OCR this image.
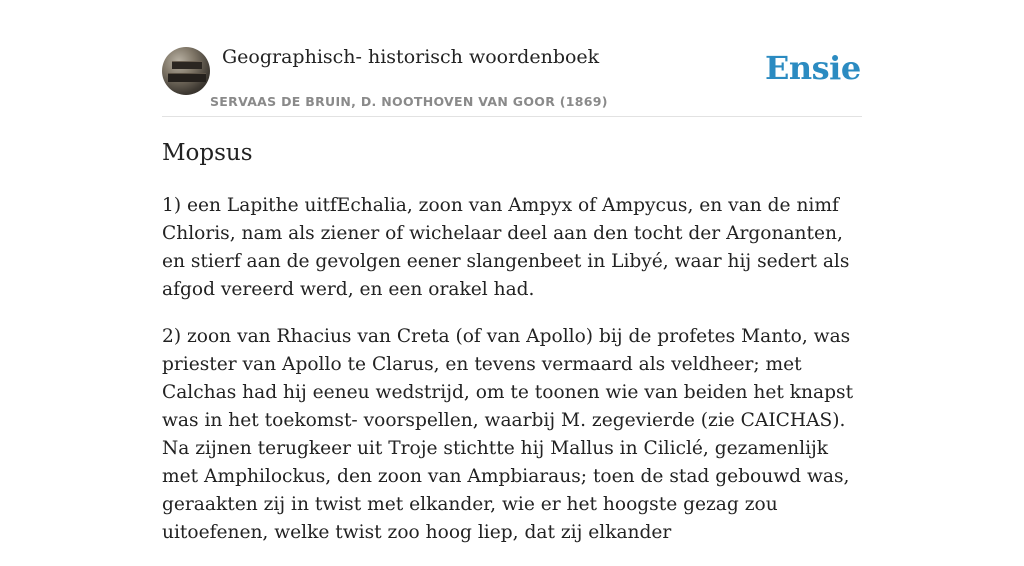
Geographisch- historisch woordenboek
SERVAAS DE BRUIN, D. NOOTHOVEN VAN GOOR (1869)
Ensie
Mopsus

1) een Lapithe uitfEchalia, zoon van Ampyx of Ampycus, en van de nimf Chloris, nam als ziener of wichelaar deel aan den tocht der Argonanten, en stierf aan de gevolgen eener slangenbeet in Libyé, waar hij sedert als afgod vereerd werd, en een orakel had.

2) zoon van Rhacius van Creta (of van Apollo) bij de profetes Manto, was priester van Apollo te Clarus, en tevens vermaard als veldheer; met Calchas had hij eeneu wedstrijd, om te toonen wie van beiden het knapst was in het toekomst- voorspellen, waarbij M. zegevierde (zie CAICHAS). Na zijnen terugkeer uit Troje stichtte hij Mallus in Ciliclé, gezamenlijk met Amphilockus, den zoon van Ampbiaraus; toen de stad gebouwd was, geraakten zij in twist met elkander, wie er het hoogste gezag zou uitoefenen, welke twist zoo hoog liep, dat zij elkander
